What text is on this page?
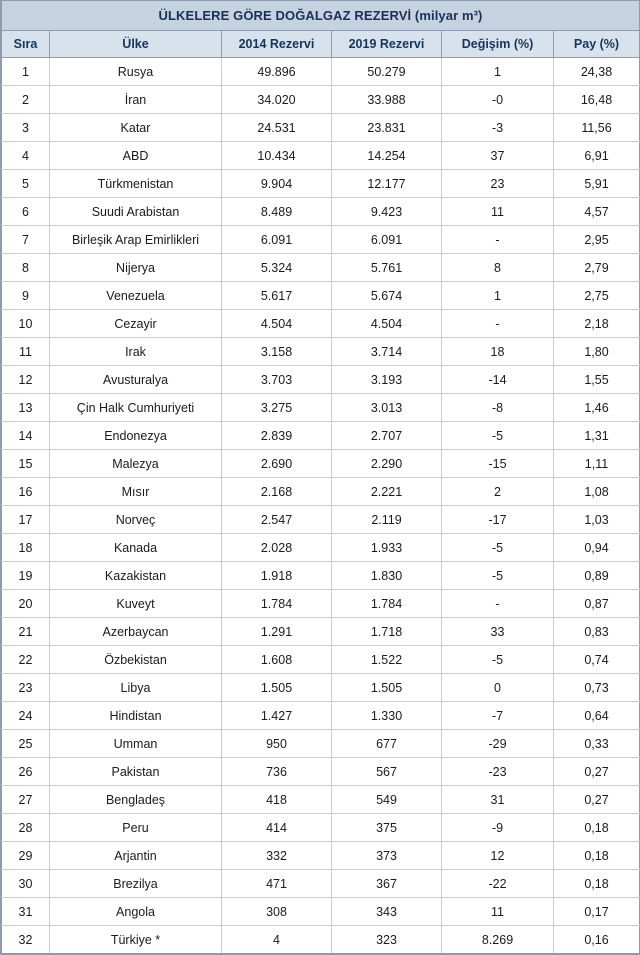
ÜLKELERE GÖRE DOĞALGAZ REZERVİ (milyar m³)
Sıra	Ülke	2014 Rezervi	2019 Rezervi	Değişim (%)	Pay (%)
1	Rusya	49.896	50.279	1	24,38
2	İran	34.020	33.988	-0	16,48
3	Katar	24.531	23.831	-3	11,56
4	ABD	10.434	14.254	37	6,91
5	Türkmenistan	9.904	12.177	23	5,91
6	Suudi Arabistan	8.489	9.423	11	4,57
7	Birleşik Arap Emirlikleri	6.091	6.091	-	2,95
8	Nijerya	5.324	5.761	8	2,79
9	Venezuela	5.617	5.674	1	2,75
10	Cezayir	4.504	4.504	-	2,18
11	Irak	3.158	3.714	18	1,80
12	Avusturalya	3.703	3.193	-14	1,55
13	Çin Halk Cumhuriyeti	3.275	3.013	-8	1,46
14	Endonezya	2.839	2.707	-5	1,31
15	Malezya	2.690	2.290	-15	1,11
16	Mısır	2.168	2.221	2	1,08
17	Norveç	2.547	2.119	-17	1,03
18	Kanada	2.028	1.933	-5	0,94
19	Kazakistan	1.918	1.830	-5	0,89
20	Kuveyt	1.784	1.784	-	0,87
21	Azerbaycan	1.291	1.718	33	0,83
22	Özbekistan	1.608	1.522	-5	0,74
23	Libya	1.505	1.505	0	0,73
24	Hindistan	1.427	1.330	-7	0,64
25	Umman	950	677	-29	0,33
26	Pakistan	736	567	-23	0,27
27	Bengladeş	418	549	31	0,27
28	Peru	414	375	-9	0,18
29	Arjantin	332	373	12	0,18
30	Brezilya	471	367	-22	0,18
31	Angola	308	343	11	0,17
32	Türkiye *	4	323	8.269	0,16
